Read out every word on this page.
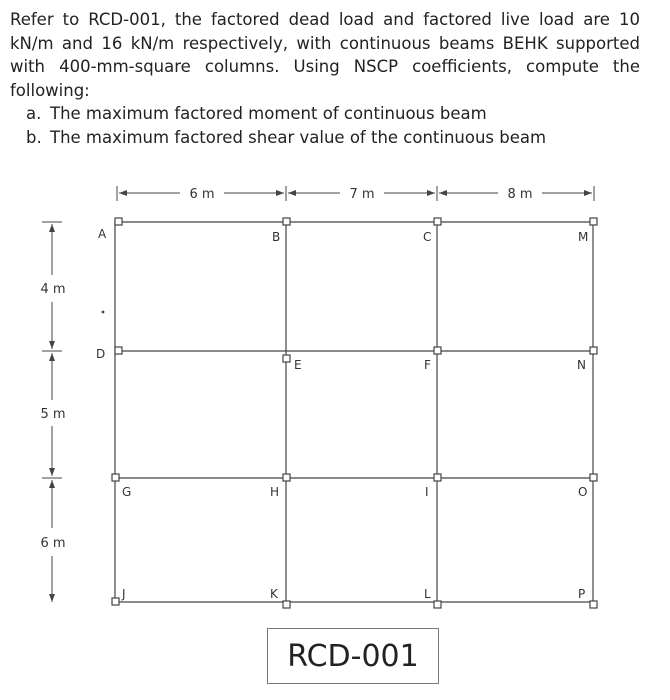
Refer to RCD-001, the factored dead load and factored live load are 10 kN/m and 16 kN/m respectively, with continuous beams BEHK supported with 400-mm-square columns. Using NSCP coefficients, compute the following:

a. The maximum factored moment of continuous beam
b. The maximum factored shear value of the continuous beam
A	B	C	M
D
E	F	N
G	H	I	O
J	K	L	P
6 m	7 m	8 m
4 m
5 m
6 m
RCD-001
